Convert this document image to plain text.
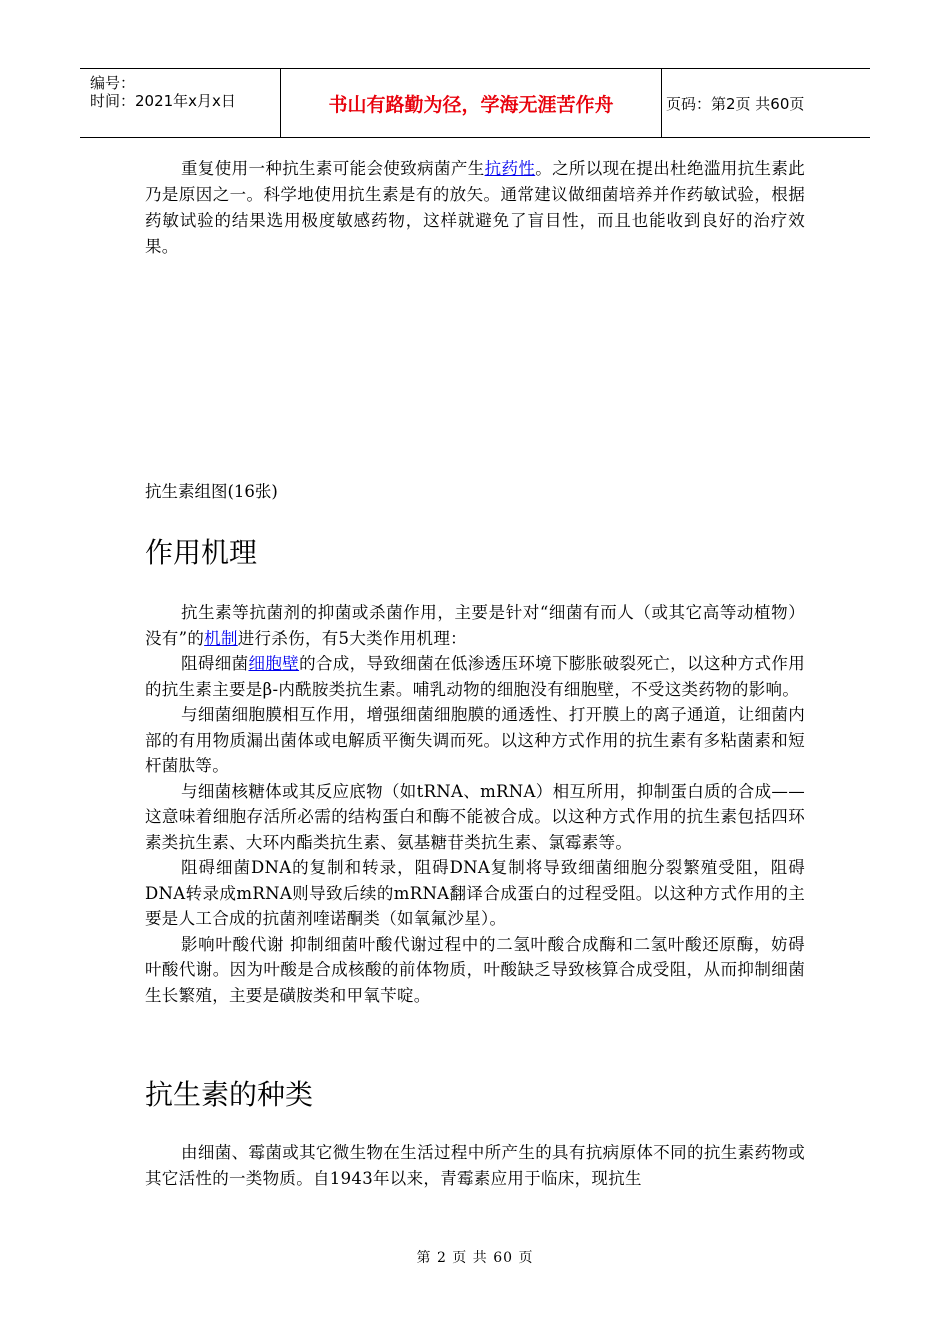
编号：
时间：2021年x月x日	书山有路勤为径，学海无涯苦作舟	页码：第2页 共60页

重复使用一种抗生素可能会使致病菌产生抗药性。之所以现在提出杜绝滥用抗生素此乃是原因之一。科学地使用抗生素是有的放矢。通常建议做细菌培养并作药敏试验，根据药敏试验的结果选用极度敏感药物，这样就避免了盲目性，而且也能收到良好的治疗效果。

抗生素组图(16张)
作用机理

抗生素等抗菌剂的抑菌或杀菌作用，主要是针对“细菌有而人（或其它高等动植物）没有”的机制进行杀伤，有5大类作用机理：

阻碍细菌细胞壁的合成，导致细菌在低渗透压环境下膨胀破裂死亡，以这种方式作用的抗生素主要是β-内酰胺类抗生素。哺乳动物的细胞没有细胞壁，不受这类药物的影响。

与细菌细胞膜相互作用，增强细菌细胞膜的通透性、打开膜上的离子通道，让细菌内部的有用物质漏出菌体或电解质平衡失调而死。以这种方式作用的抗生素有多粘菌素和短杆菌肽等。

与细菌核糖体或其反应底物（如tRNA、mRNA）相互所用，抑制蛋白质的合成——这意味着细胞存活所必需的结构蛋白和酶不能被合成。以这种方式作用的抗生素包括四环素类抗生素、大环内酯类抗生素、氨基糖苷类抗生素、氯霉素等。

阻碍细菌DNA的复制和转录，阻碍DNA复制将导致细菌细胞分裂繁殖受阻，阻碍DNA转录成mRNA则导致后续的mRNA翻译合成蛋白的过程受阻。以这种方式作用的主要是人工合成的抗菌剂喹诺酮类（如氧氟沙星）。

影响叶酸代谢 抑制细菌叶酸代谢过程中的二氢叶酸合成酶和二氢叶酸还原酶，妨碍叶酸代谢。因为叶酸是合成核酸的前体物质，叶酸缺乏导致核算合成受阻，从而抑制细菌生长繁殖，主要是磺胺类和甲氧苄啶。

抗生素的种类

由细菌、霉菌或其它微生物在生活过程中所产生的具有抗病原体不同的抗生素药物或其它活性的一类物质。自1943年以来，青霉素应用于临床，现抗生

第 2 页 共 60 页
